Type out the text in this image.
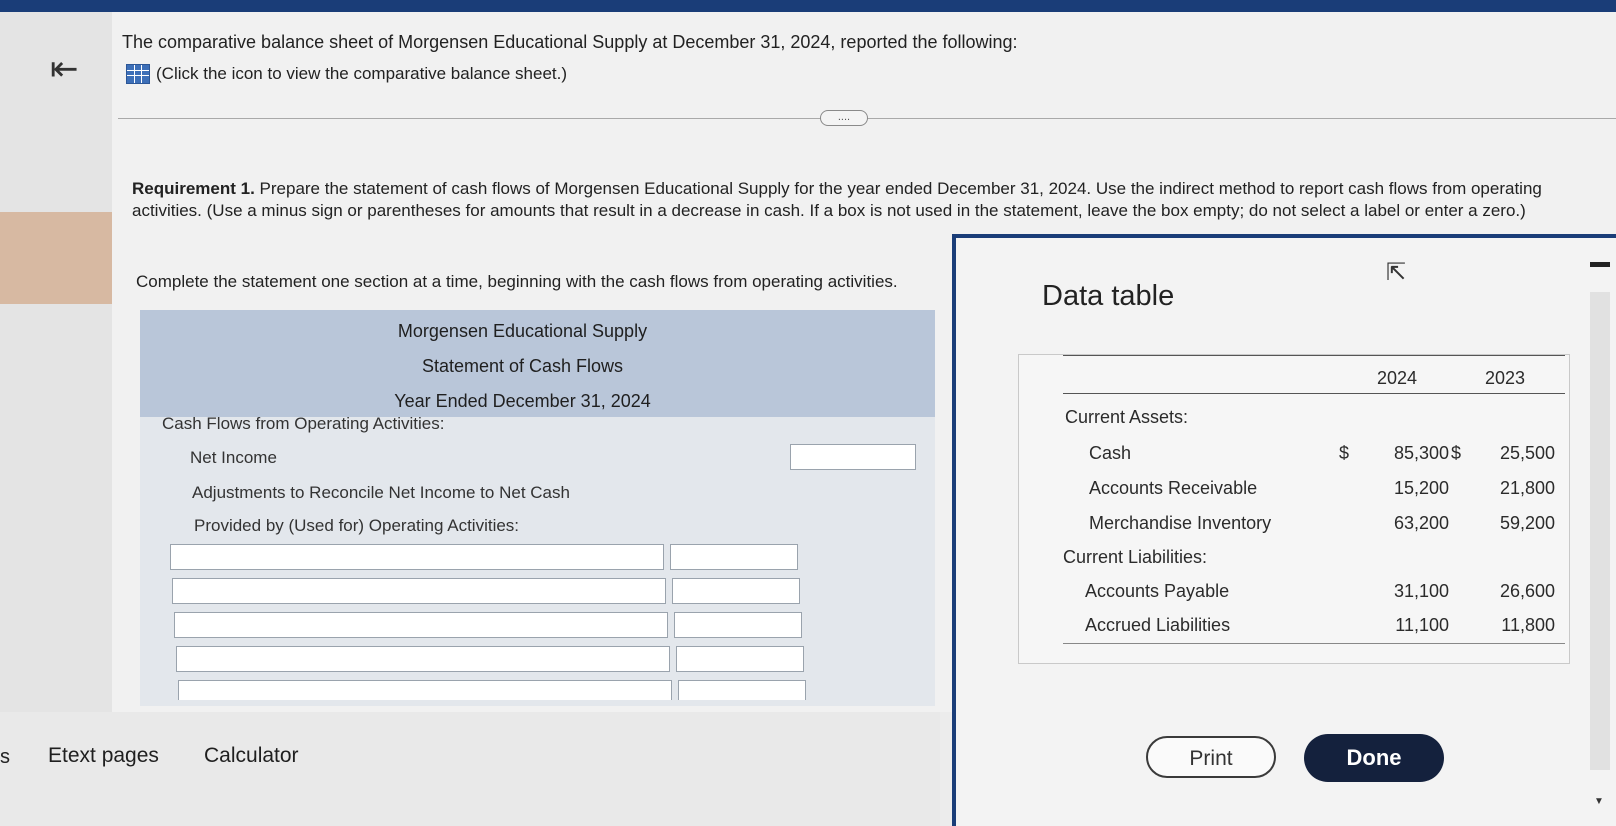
⇤
The comparative balance sheet of Morgensen Educational Supply at December 31, 2024, reported the following:
(Click the icon to view the comparative balance sheet.)
....
Requirement 1. Prepare the statement of cash flows of Morgensen Educational Supply for the year ended December 31, 2024. Use the indirect method to report cash flows from operating activities. (Use a minus sign or parentheses for amounts that result in a decrease in cash. If a box is not used in the statement, leave the box empty; do not select a label or enter a zero.)
Complete the statement one section at a time, beginning with the cash flows from operating activities.
Morgensen Educational Supply
Statement of Cash Flows
Year Ended December 31, 2024
Cash Flows from Operating Activities:
Net Income
Adjustments to Reconcile Net Income to Net Cash
Provided by (Used for) Operating Activities:
s Etext pages Calculator
Data table
⇱
▼
2024	2023
Current Assets:
Cash	$	85,300 $	25,500
Accounts Receivable	15,200	21,800
Merchandise Inventory	63,200	59,200
Current Liabilities:
Accounts Payable	31,100	26,600
Accrued Liabilities	11,100	11,800
Print	Done
